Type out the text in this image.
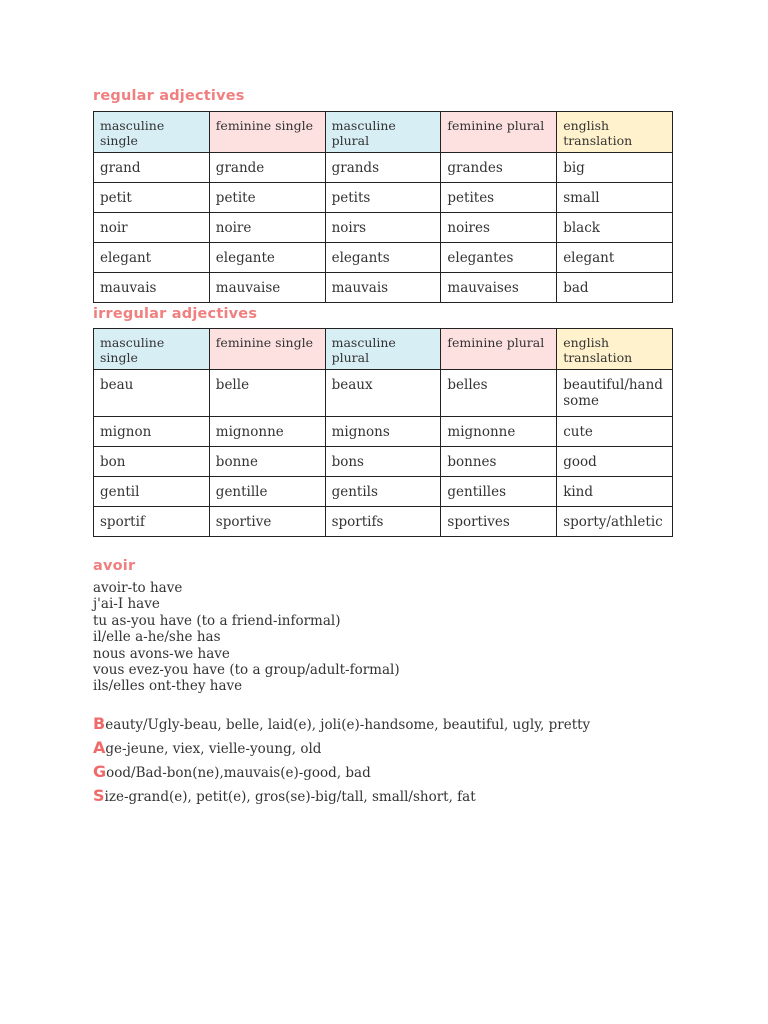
regular adjectives
masculine single	feminine single	masculine plural	feminine plural	english translation
grand	grande	grands	grandes	big
petit	petite	petits	petites	small
noir	noire	noirs	noires	black
elegant	elegante	elegants	elegantes	elegant
mauvais	mauvaise	mauvais	mauvaises	bad
irregular adjectives
masculine single	feminine single	masculine plural	feminine plural	english translation
beau	belle	beaux	belles	beautiful/handsome
mignon	mignonne	mignons	mignonne	cute
bon	bonne	bons	bonnes	good
gentil	gentille	gentils	gentilles	kind
sportif	sportive	sportifs	sportives	sporty/athletic
avoir
avoir-to have
j'ai-I have
tu as-you have (to a friend-informal)
il/elle a-he/she has
nous avons-we have
vous evez-you have (to a group/adult-formal)
ils/elles ont-they have
Beauty/Ugly-beau, belle, laid(e), joli(e)-handsome, beautiful, ugly, pretty
Age-jeune, viex, vielle-young, old
Good/Bad-bon(ne),mauvais(e)-good, bad
Size-grand(e), petit(e), gros(se)-big/tall, small/short, fat
